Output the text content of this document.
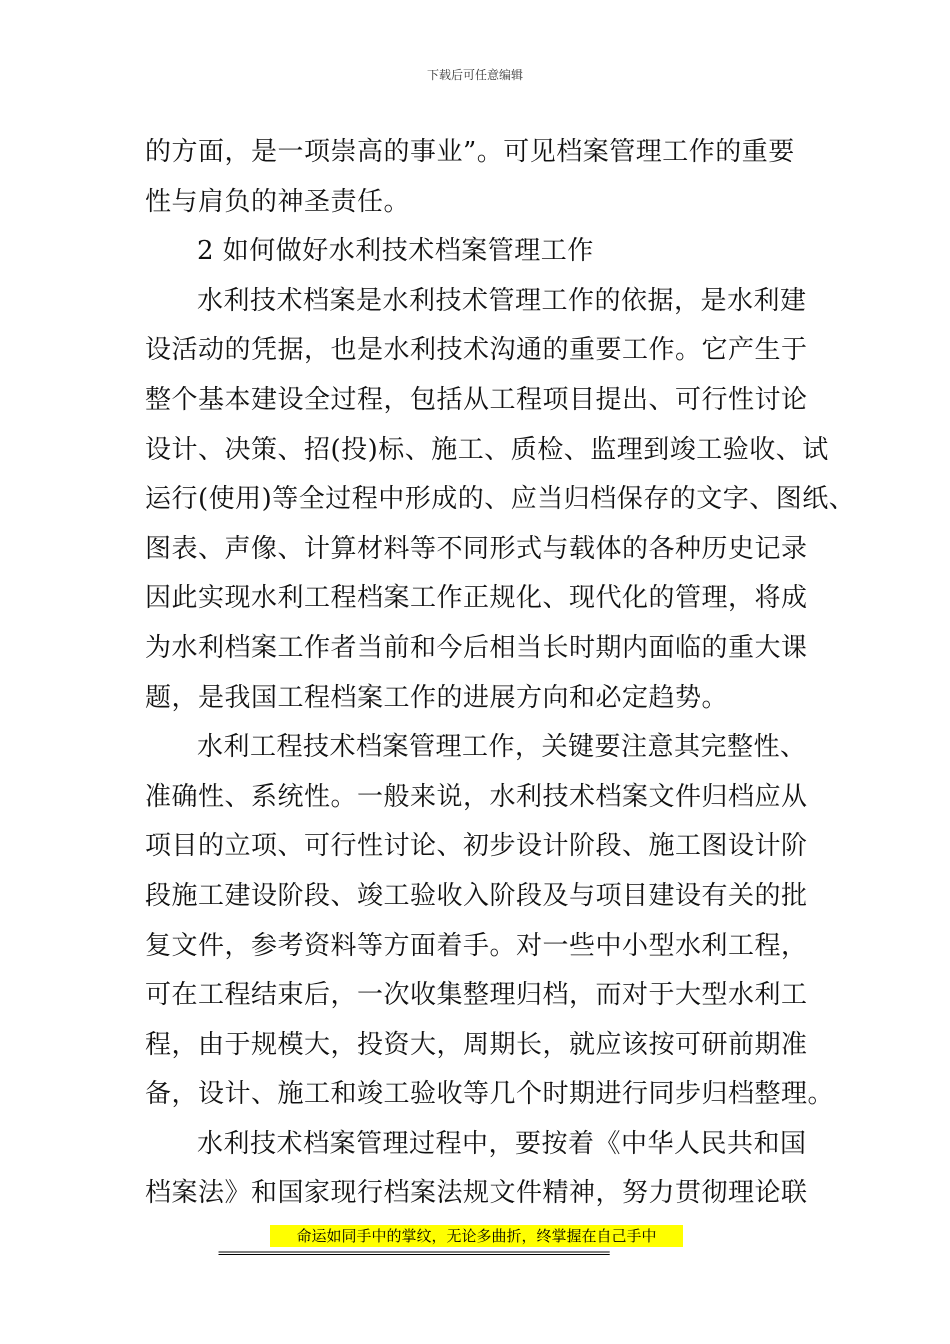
下载后可任意编辑
的方面，是一项崇高的事业”。可见档案管理工作的重要
性与肩负的神圣责任。
2 如何做好水利技术档案管理工作
水利技术档案是水利技术管理工作的依据，是水利建
设活动的凭据，也是水利技术沟通的重要工作。它产生于
整个基本建设全过程，包括从工程项目提出、可行性讨论
设计、决策、招(投)标、施工、质检、监理到竣工验收、试
运行(使用)等全过程中形成的、应当归档保存的文字、图纸、
图表、声像、计算材料等不同形式与载体的各种历史记录
因此实现水利工程档案工作正规化、现代化的管理，将成
为水利档案工作者当前和今后相当长时期内面临的重大课
题，是我国工程档案工作的进展方向和必定趋势。
水利工程技术档案管理工作，关键要注意其完整性、
准确性、系统性。一般来说，水利技术档案文件归档应从
项目的立项、可行性讨论、初步设计阶段、施工图设计阶
段施工建设阶段、竣工验收入阶段及与项目建设有关的批
复文件，参考资料等方面着手。对一些中小型水利工程，
可在工程结束后，一次收集整理归档，而对于大型水利工
程，由于规模大，投资大，周期长，就应该按可研前期准
备，设计、施工和竣工验收等几个时期进行同步归档整理。
水利技术档案管理过程中，要按着《中华人民共和国
档案法》和国家现行档案法规文件精神，努力贯彻理论联
命运如同手中的掌纹，无论多曲折，终掌握在自己手中
==========================================================================
